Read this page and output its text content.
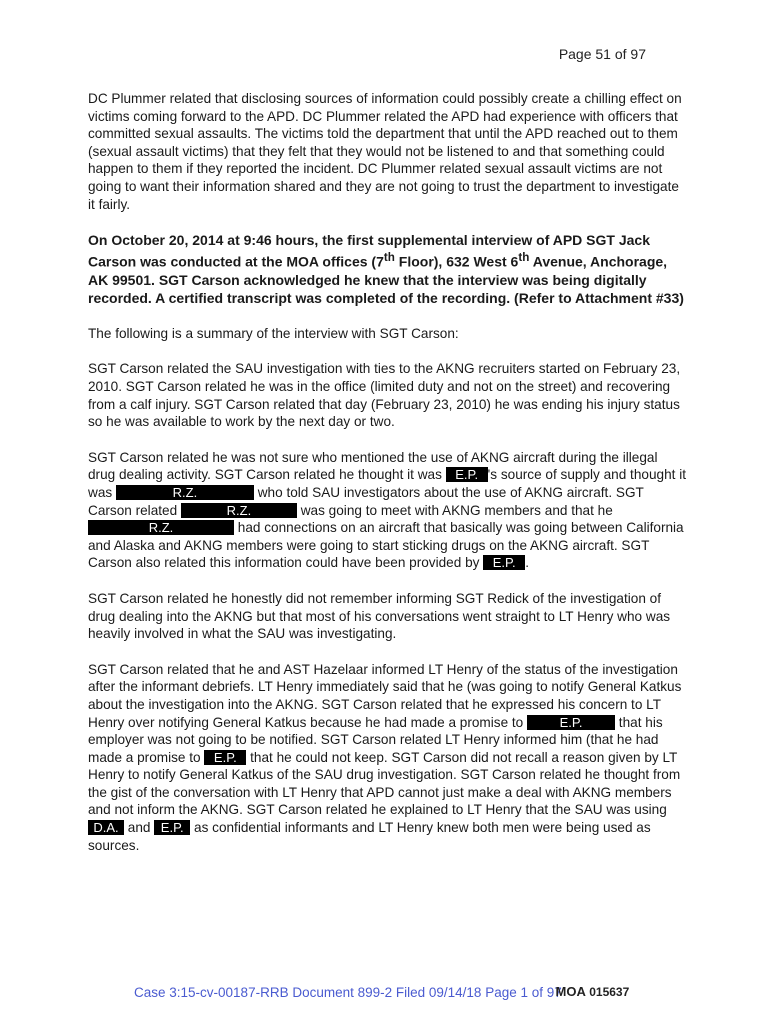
Page 51 of 97

DC Plummer related that disclosing sources of information could possibly create a chilling effect on victims coming forward to the APD. DC Plummer related the APD had experience with officers that committed sexual assaults. The victims told the department that until the APD reached out to them (sexual assault victims) that they felt that they would not be listened to and that something could happen to them if they reported the incident. DC Plummer related sexual assault victims are not going to want their information shared and they are not going to trust the department to investigate it fairly.

On October 20, 2014 at 9:46 hours, the first supplemental interview of APD SGT Jack Carson was conducted at the MOA offices (7th Floor), 632 West 6th Avenue, Anchorage, AK 99501. SGT Carson acknowledged he knew that the interview was being digitally recorded. A certified transcript was completed of the recording. (Refer to Attachment #33)

The following is a summary of the interview with SGT Carson:

SGT Carson related the SAU investigation with ties to the AKNG recruiters started on February 23, 2010. SGT Carson related he was in the office (limited duty and not on the street) and recovering from a calf injury. SGT Carson related that day (February 23, 2010) he was ending his injury status so he was available to work by the next day or two.

SGT Carson related he was not sure who mentioned the use of AKNG aircraft during the illegal drug dealing activity. SGT Carson related he thought it was E.P. 's source of supply and thought it was	R.Z.	who told SAU investigators about the use of AKNG aircraft. SGT Carson related	R.Z.	was going to meet with AKNG members and that he R.Z.	had connections on an aircraft that basically was going between California and Alaska and AKNG members were going to start sticking drugs on the AKNG aircraft. SGT Carson also related this information could have been provided by E.P. .

SGT Carson related he honestly did not remember informing SGT Redick of the investigation of drug dealing into the AKNG but that most of his conversations went straight to LT Henry who was heavily involved in what the SAU was investigating.

SGT Carson related that he and AST Hazelaar informed LT Henry of the status of the investigation after the informant debriefs. LT Henry immediately said that he (was going to notify General Katkus about the investigation into the AKNG. SGT Carson related that he expressed his concern to LT Henry over notifying General Katkus because he had made a promise to	E.P. that his employer was not going to be notified. SGT Carson related LT Henry informed him (that he had made a promise to E.P. that he could not keep. SGT Carson did not recall a reason given by LT Henry to notify General Katkus of the SAU drug investigation. SGT Carson related he thought from the gist of the conversation with LT Henry that APD cannot just make a deal with AKNG members and not inform the AKNG. SGT Carson related he explained to LT Henry that the SAU was using D.A. and E.P. as confidential informants and LT Henry knew both men were being used as sources.

Case 3:15-cv-00187-RRB Document 899-2 Filed 09/14/18 Page 1 of 97 MOA 015637
